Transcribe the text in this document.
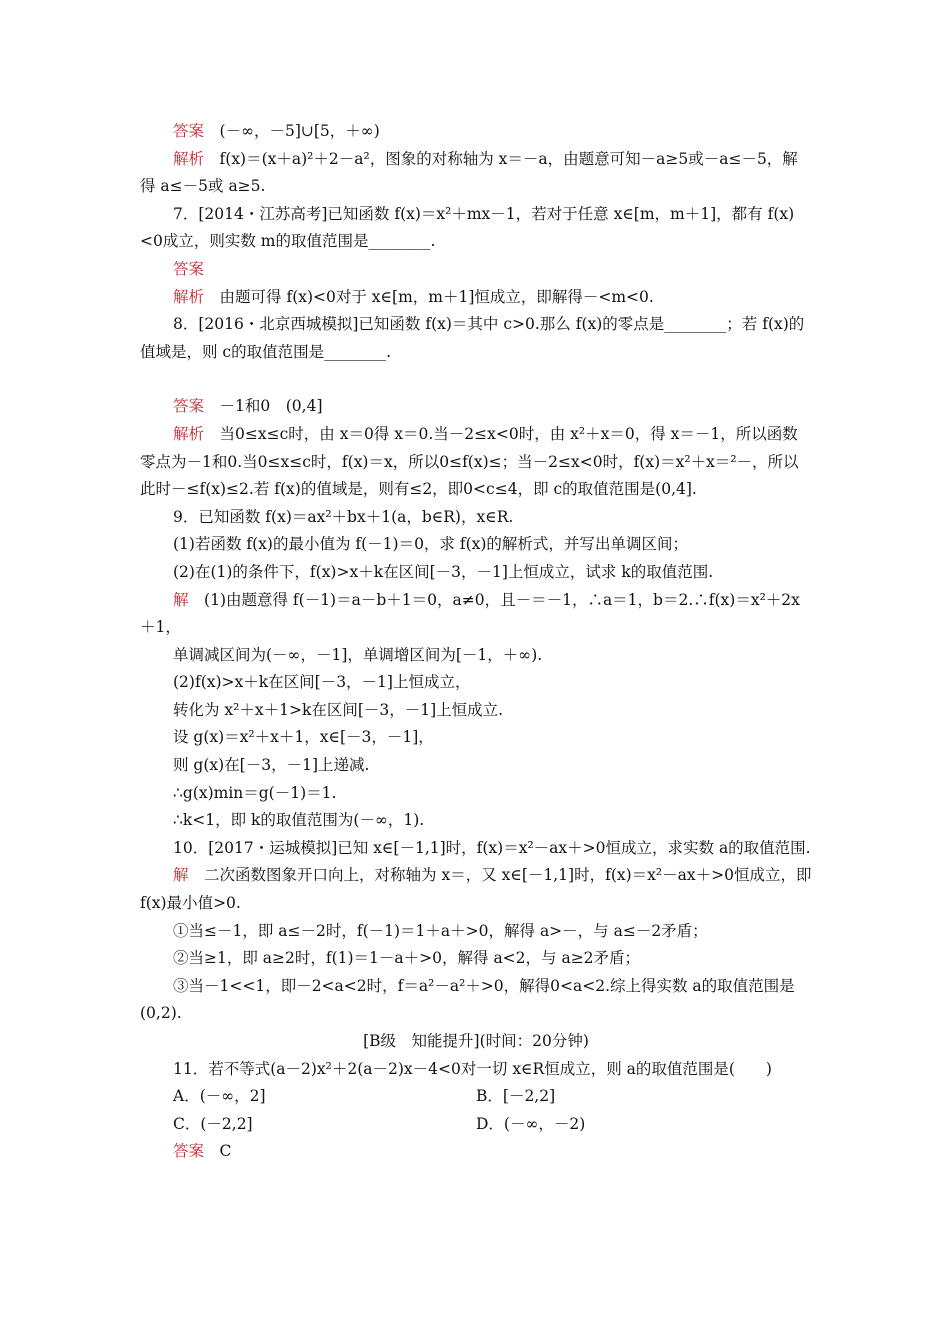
答案　 (－∞，－5]∪[5，＋∞)

解析　 f(x)＝(x＋a)²＋2－a²，图象的对称轴为 x＝－a，由题意可知－a≥5或－a≤－5，解得 a≤－5或 a≥5.

7．[2014・江苏高考]已知函数 f(x)＝x²＋mx－1，若对于任意 x∈[m，m＋1]，都有 f(x)<0成立，则实数 m的取值范围是________.

答案

解析　 由题可得 f(x)<0对于 x∈[m，m＋1]恒成立，即解得－<m<0.

8．[2016・北京西城模拟]已知函数 f(x)＝其中 c>0.那么 f(x)的零点是________；若 f(x)的值域是，则 c的取值范围是________.

答案　 －1和0　(0,4]

解析　 当0≤x≤c时，由 x＝0得 x＝0.当－2≤x<0时，由 x²＋x＝0，得 x＝－1，所以函数零点为－1和0.当0≤x≤c时，f(x)＝x，所以0≤f(x)≤；当－2≤x<0时，f(x)＝x²＋x＝²－，所以此时－≤f(x)≤2.若 f(x)的值域是，则有≤2，即0<c≤4，即 c的取值范围是(0,4].

9．已知函数 f(x)＝ax²＋bx＋1(a，b∈R)，x∈R.

(1)若函数 f(x)的最小值为 f(－1)＝0，求 f(x)的解析式，并写出单调区间；

(2)在(1)的条件下，f(x)>x＋k在区间[－3，－1]上恒成立，试求 k的取值范围.

解　 (1)由题意得 f(－1)＝a－b＋1＝0，a≠0，且－＝－1，∴a＝1，b＝2.∴f(x)＝x²＋2x＋1，

单调减区间为(－∞，－1]，单调增区间为[－1，＋∞).

(2)f(x)>x＋k在区间[－3，－1]上恒成立，

转化为 x²＋x＋1>k在区间[－3，－1]上恒成立.

设 g(x)＝x²＋x＋1，x∈[－3，－1]，

则 g(x)在[－3，－1]上递减.

∴g(x)min＝g(－1)＝1.

∴k<1，即 k的取值范围为(－∞，1).

10．[2017・运城模拟]已知 x∈[－1,1]时，f(x)＝x²－ax＋>0恒成立，求实数 a的取值范围.

解　 二次函数图象开口向上，对称轴为 x＝，又 x∈[－1,1]时，f(x)＝x²－ax＋>0恒成立，即 f(x)最小值>0.

①当≤－1，即 a≤－2时，f(－1)＝1＋a＋>0，解得 a>－，与 a≤－2矛盾；

②当≥1，即 a≥2时，f(1)＝1－a＋>0，解得 a<2，与 a≥2矛盾；

③当－1<<1，即－2<a<2时，f＝a²－a²＋>0，解得0<a<2.综上得实数 a的取值范围是(0,2).

[B级　知能提升](时间：20分钟)

11．若不等式(a－2)x²＋2(a－2)x－4<0对一切 x∈R恒成立，则 a的取值范围是(　　)

A．(－∞，2]	B．[－2,2]
C．(－2,2]	D．(－∞，－2)

答案　 C
